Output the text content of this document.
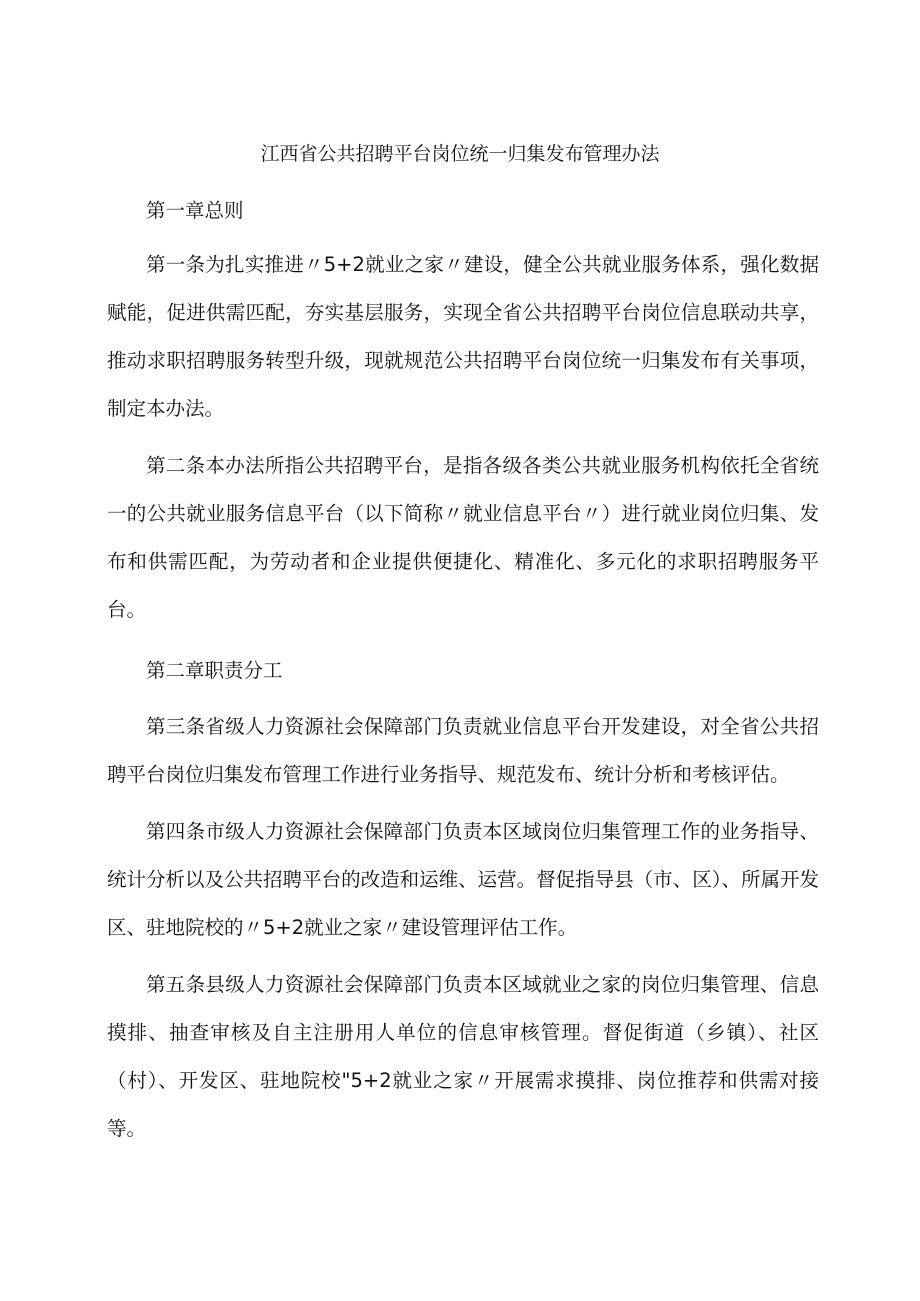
江西省公共招聘平台岗位统一归集发布管理办法

第一章总则

第一条为扎实推进〃5+2就业之家〃建设，健全公共就业服务体系，强化数据赋能，促进供需匹配，夯实基层服务，实现全省公共招聘平台岗位信息联动共享，推动求职招聘服务转型升级，现就规范公共招聘平台岗位统一归集发布有关事项，制定本办法。

第二条本办法所指公共招聘平台，是指各级各类公共就业服务机构依托全省统一的公共就业服务信息平台（以下简称〃就业信息平台〃）进行就业岗位归集、发布和供需匹配，为劳动者和企业提供便捷化、精准化、多元化的求职招聘服务平台。

第二章职责分工

第三条省级人力资源社会保障部门负责就业信息平台开发建设，对全省公共招聘平台岗位归集发布管理工作进行业务指导、规范发布、统计分析和考核评估。

第四条市级人力资源社会保障部门负责本区域岗位归集管理工作的业务指导、统计分析以及公共招聘平台的改造和运维、运营。督促指导县（市、区）、所属开发区、驻地院校的〃5+2就业之家〃建设管理评估工作。

第五条县级人力资源社会保障部门负责本区域就业之家的岗位归集管理、信息摸排、抽查审核及自主注册用人单位的信息审核管理。督促街道（乡镇）、社区（村）、开发区、驻地院校"5+2就业之家〃开展需求摸排、岗位推荐和供需对接等。
